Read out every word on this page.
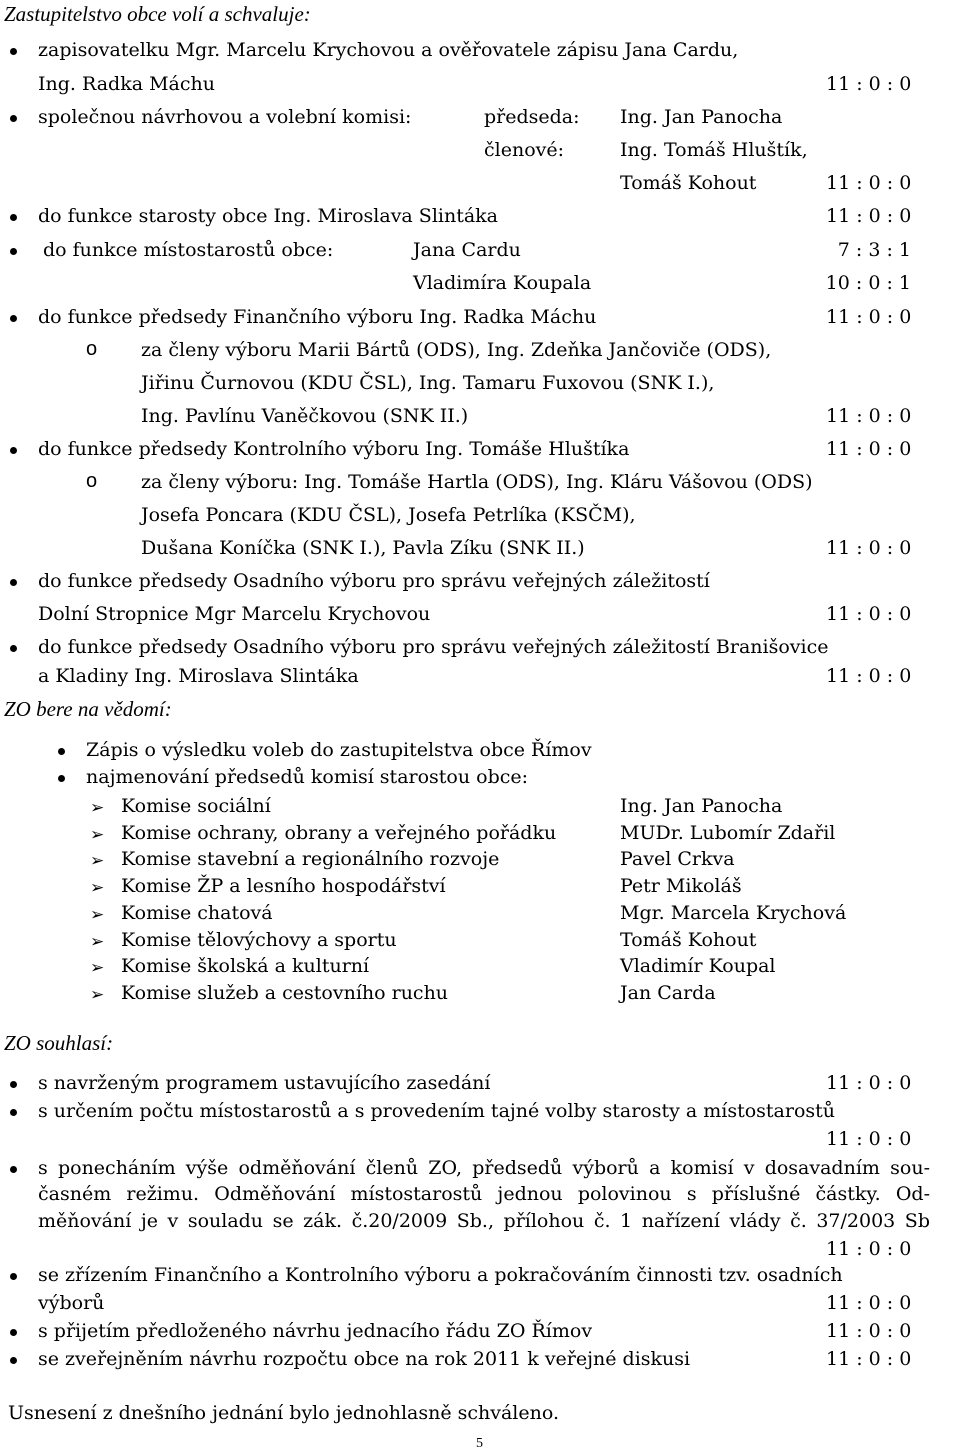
Zastupitelstvo obce volí a schvaluje:
zapisovatelku Mgr. Marcelu Krychovou a ověřovatele zápisu Jana Cardu,
Ing. Radka Máchu	11 : 0 : 0
společnou návrhovou a volební komisi:	předseda: Ing. Jan Panocha
členové:	Ing. Tomáš Hluštík,
Tomáš Kohout	11 : 0 : 0
do funkce starosty obce Ing. Miroslava Slintáka	11 : 0 : 0
do funkce místostarostů obce:	Jana Cardu	7 : 3 : 1
Vladimíra Koupala	10 : 0 : 1
do funkce předsedy Finančního výboru Ing. Radka Máchu	11 : 0 : 0
o za členy výboru Marii Bártů (ODS), Ing. Zdeňka Jančoviče (ODS),
Jiřinu Čurnovou (KDU ČSL), Ing. Tamaru Fuxovou (SNK I.),
Ing. Pavlínu Vaněčkovou (SNK II.)	11 : 0 : 0
do funkce předsedy Kontrolního výboru Ing. Tomáše Hluštíka	11 : 0 : 0
o za členy výboru: Ing. Tomáše Hartla (ODS), Ing. Kláru Vášovou (ODS)
Josefa Poncara (KDU ČSL), Josefa Petrlíka (KSČM),
Dušana Koníčka (SNK I.), Pavla Zíku (SNK II.)	11 : 0 : 0
do funkce předsedy Osadního výboru pro správu veřejných záležitostí
Dolní Stropnice Mgr Marcelu Krychovou	11 : 0 : 0
do funkce předsedy Osadního výboru pro správu veřejných záležitostí Branišovice
a Kladiny Ing. Miroslava Slintáka	11 : 0 : 0
ZO bere na vědomí:
Zápis o výsledku voleb do zastupitelstva obce Římov
najmenování předsedů komisí starostou obce:
➢ Komise sociální	Ing. Jan Panocha
➢ Komise ochrany, obrany a veřejného pořádku	MUDr. Lubomír Zdařil
➢ Komise stavební a regionálního rozvoje	Pavel Crkva
➢ Komise ŽP a lesního hospodářství	Petr Mikoláš
➢ Komise chatová	Mgr. Marcela Krychová
➢ Komise tělovýchovy a sportu	Tomáš Kohout
➢ Komise školská a kulturní	Vladimír Koupal
➢ Komise služeb a cestovního ruchu	Jan Carda
ZO souhlasí:
s navrženým programem ustavujícího zasedání	11 : 0 : 0
s určením počtu místostarostů a s provedením tajné volby starosty a místostarostů
11 : 0 : 0
s ponecháním výše odměňování členů ZO, předsedů výborů a komisí v dosavadním sou-
časném režimu. Odměňování místostarostů jednou polovinou s příslušné částky. Od-
měňování je v souladu se zák. č.20/2009 Sb., přílohou č. 1 nařízení vlády č. 37/2003 Sb
11 : 0 : 0
se zřízením Finančního a Kontrolního výboru a pokračováním činnosti tzv. osadních
výborů	11 : 0 : 0
s přijetím předloženého návrhu jednacího řádu ZO Římov	11 : 0 : 0
se zveřejněním návrhu rozpočtu obce na rok 2011 k veřejné diskusi	11 : 0 : 0
Usnesení z dnešního jednání bylo jednohlasně schváleno.
5
